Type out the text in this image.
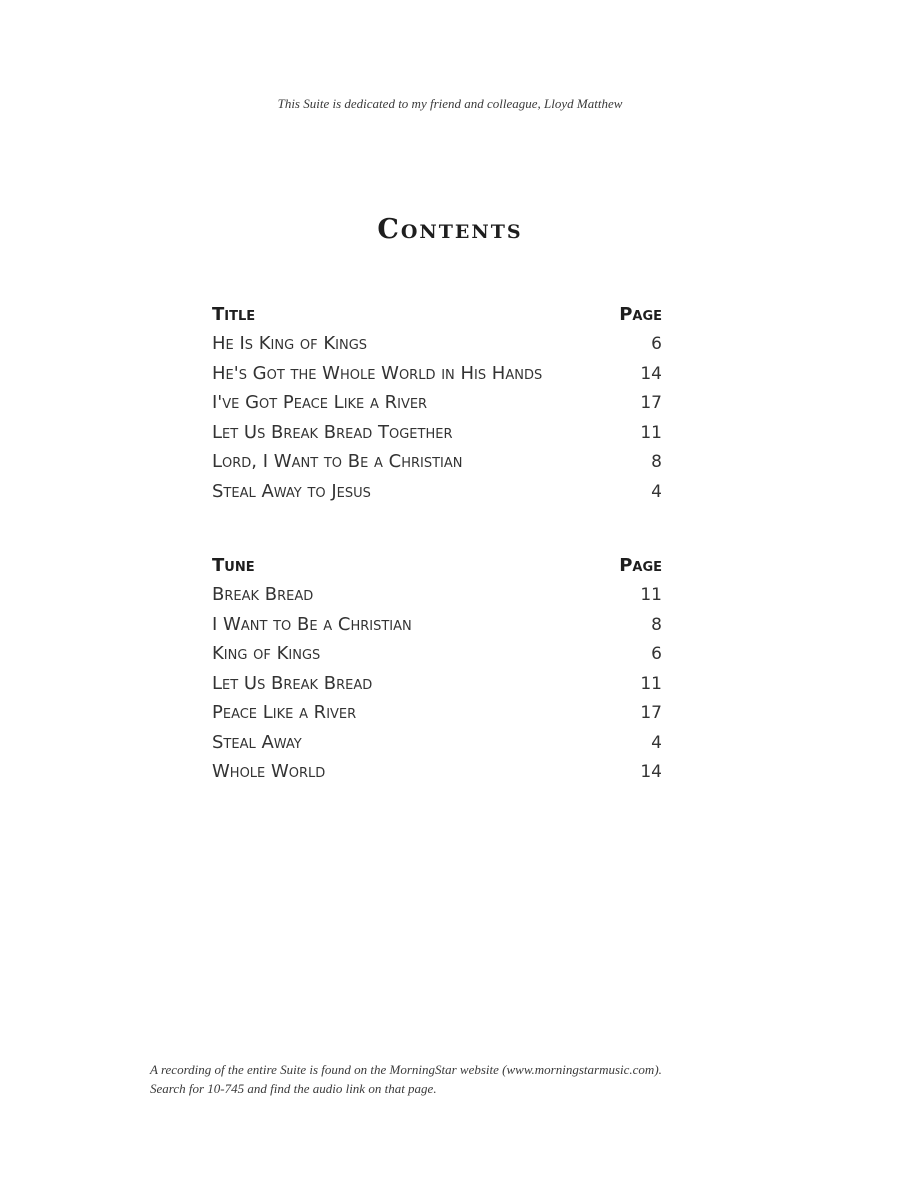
This Suite is dedicated to my friend and colleague, Lloyd Matthew
Contents
Title	Page
He Is King of Kings	6
He's Got the Whole World in His Hands	14
I've Got Peace Like a River	17
Let Us Break Bread Together	11
Lord, I Want to Be a Christian	8
Steal Away to Jesus	4
Tune	Page
Break Bread	11
I Want to Be a Christian	8
King of Kings	6
Let Us Break Bread	11
Peace Like a River	17
Steal Away	4
Whole World	14
A recording of the entire Suite is found on the MorningStar website (www.morningstarmusic.com).
Search for 10-745 and find the audio link on that page.
